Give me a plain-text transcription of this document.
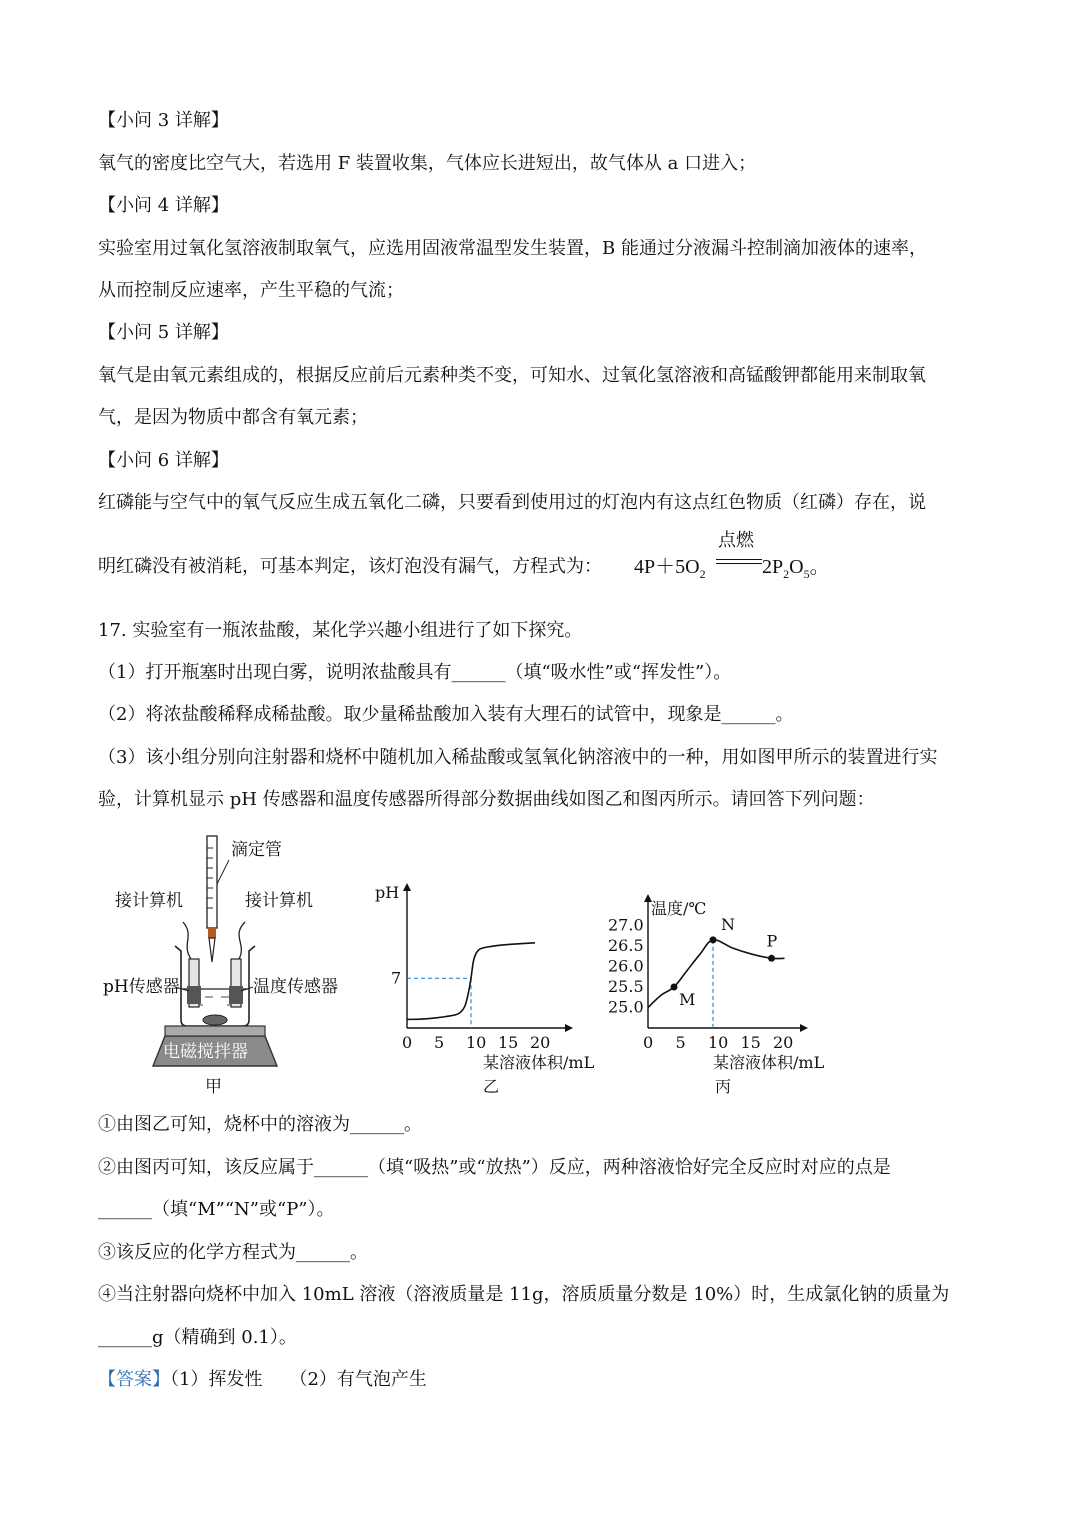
【小问 3 详解】
氧气的密度比空气大，若选用 F 装置收集，气体应长进短出，故气体从 a 口进入；
【小问 4 详解】
实验室用过氧化氢溶液制取氧气，应选用固液常温型发生装置，B 能通过分液漏斗控制滴加液体的速率，
从而控制反应速率，产生平稳的气流；
【小问 5 详解】
氧气是由氧元素组成的，根据反应前后元素种类不变，可知水、过氧化氢溶液和高锰酸钾都能用来制取氧
气，是因为物质中都含有氧元素；
【小问 6 详解】
红磷能与空气中的氧气反应生成五氧化二磷，只要看到使用过的灯泡内有这点红色物质（红磷）存在，说
明红磷没有被消耗，可基本判定，该灯泡没有漏气，方程式为： $4P+5O_2$
点燃
$2P_2O_5$。
17. 实验室有一瓶浓盐酸，某化学兴趣小组进行了如下探究。
（1）打开瓶塞时出现白雾，说明浓盐酸具有______（填“吸水性”或“挥发性”）。
（2）将浓盐酸稀释成稀盐酸。取少量稀盐酸加入装有大理石的试管中，现象是______。
（3）该小组分别向注射器和烧杯中随机加入稀盐酸或氢氧化钠溶液中的一种，用如图甲所示的装置进行实
验，计算机显示 pH 传感器和温度传感器所得部分数据曲线如图乙和图丙所示。请回答下列问题：
滴定管
接计算机	接计算机
pH传感器	温度传感器
电磁搅拌器
甲
pH
0 5 10 15 20
7
某溶液体积/mL
乙
温度/℃
0 5 10 15 20
25.0
25.5
26.0
26.5
27.0
M
N
P
某溶液体积/mL
丙
①由图乙可知，烧杯中的溶液为______。
②由图丙可知，该反应属于______（填“吸热”或“放热”）反应，两种溶液恰好完全反应时对应的点是
______（填“M”“N”或“P”）。
③该反应的化学方程式为______。
④当注射器向烧杯中加入 10mL 溶液（溶液质量是 11g，溶质质量分数是 10%）时，生成氯化钠的质量为
______g（精确到 0.1）。
【答案】（1）挥发性　　（2）有气泡产生
